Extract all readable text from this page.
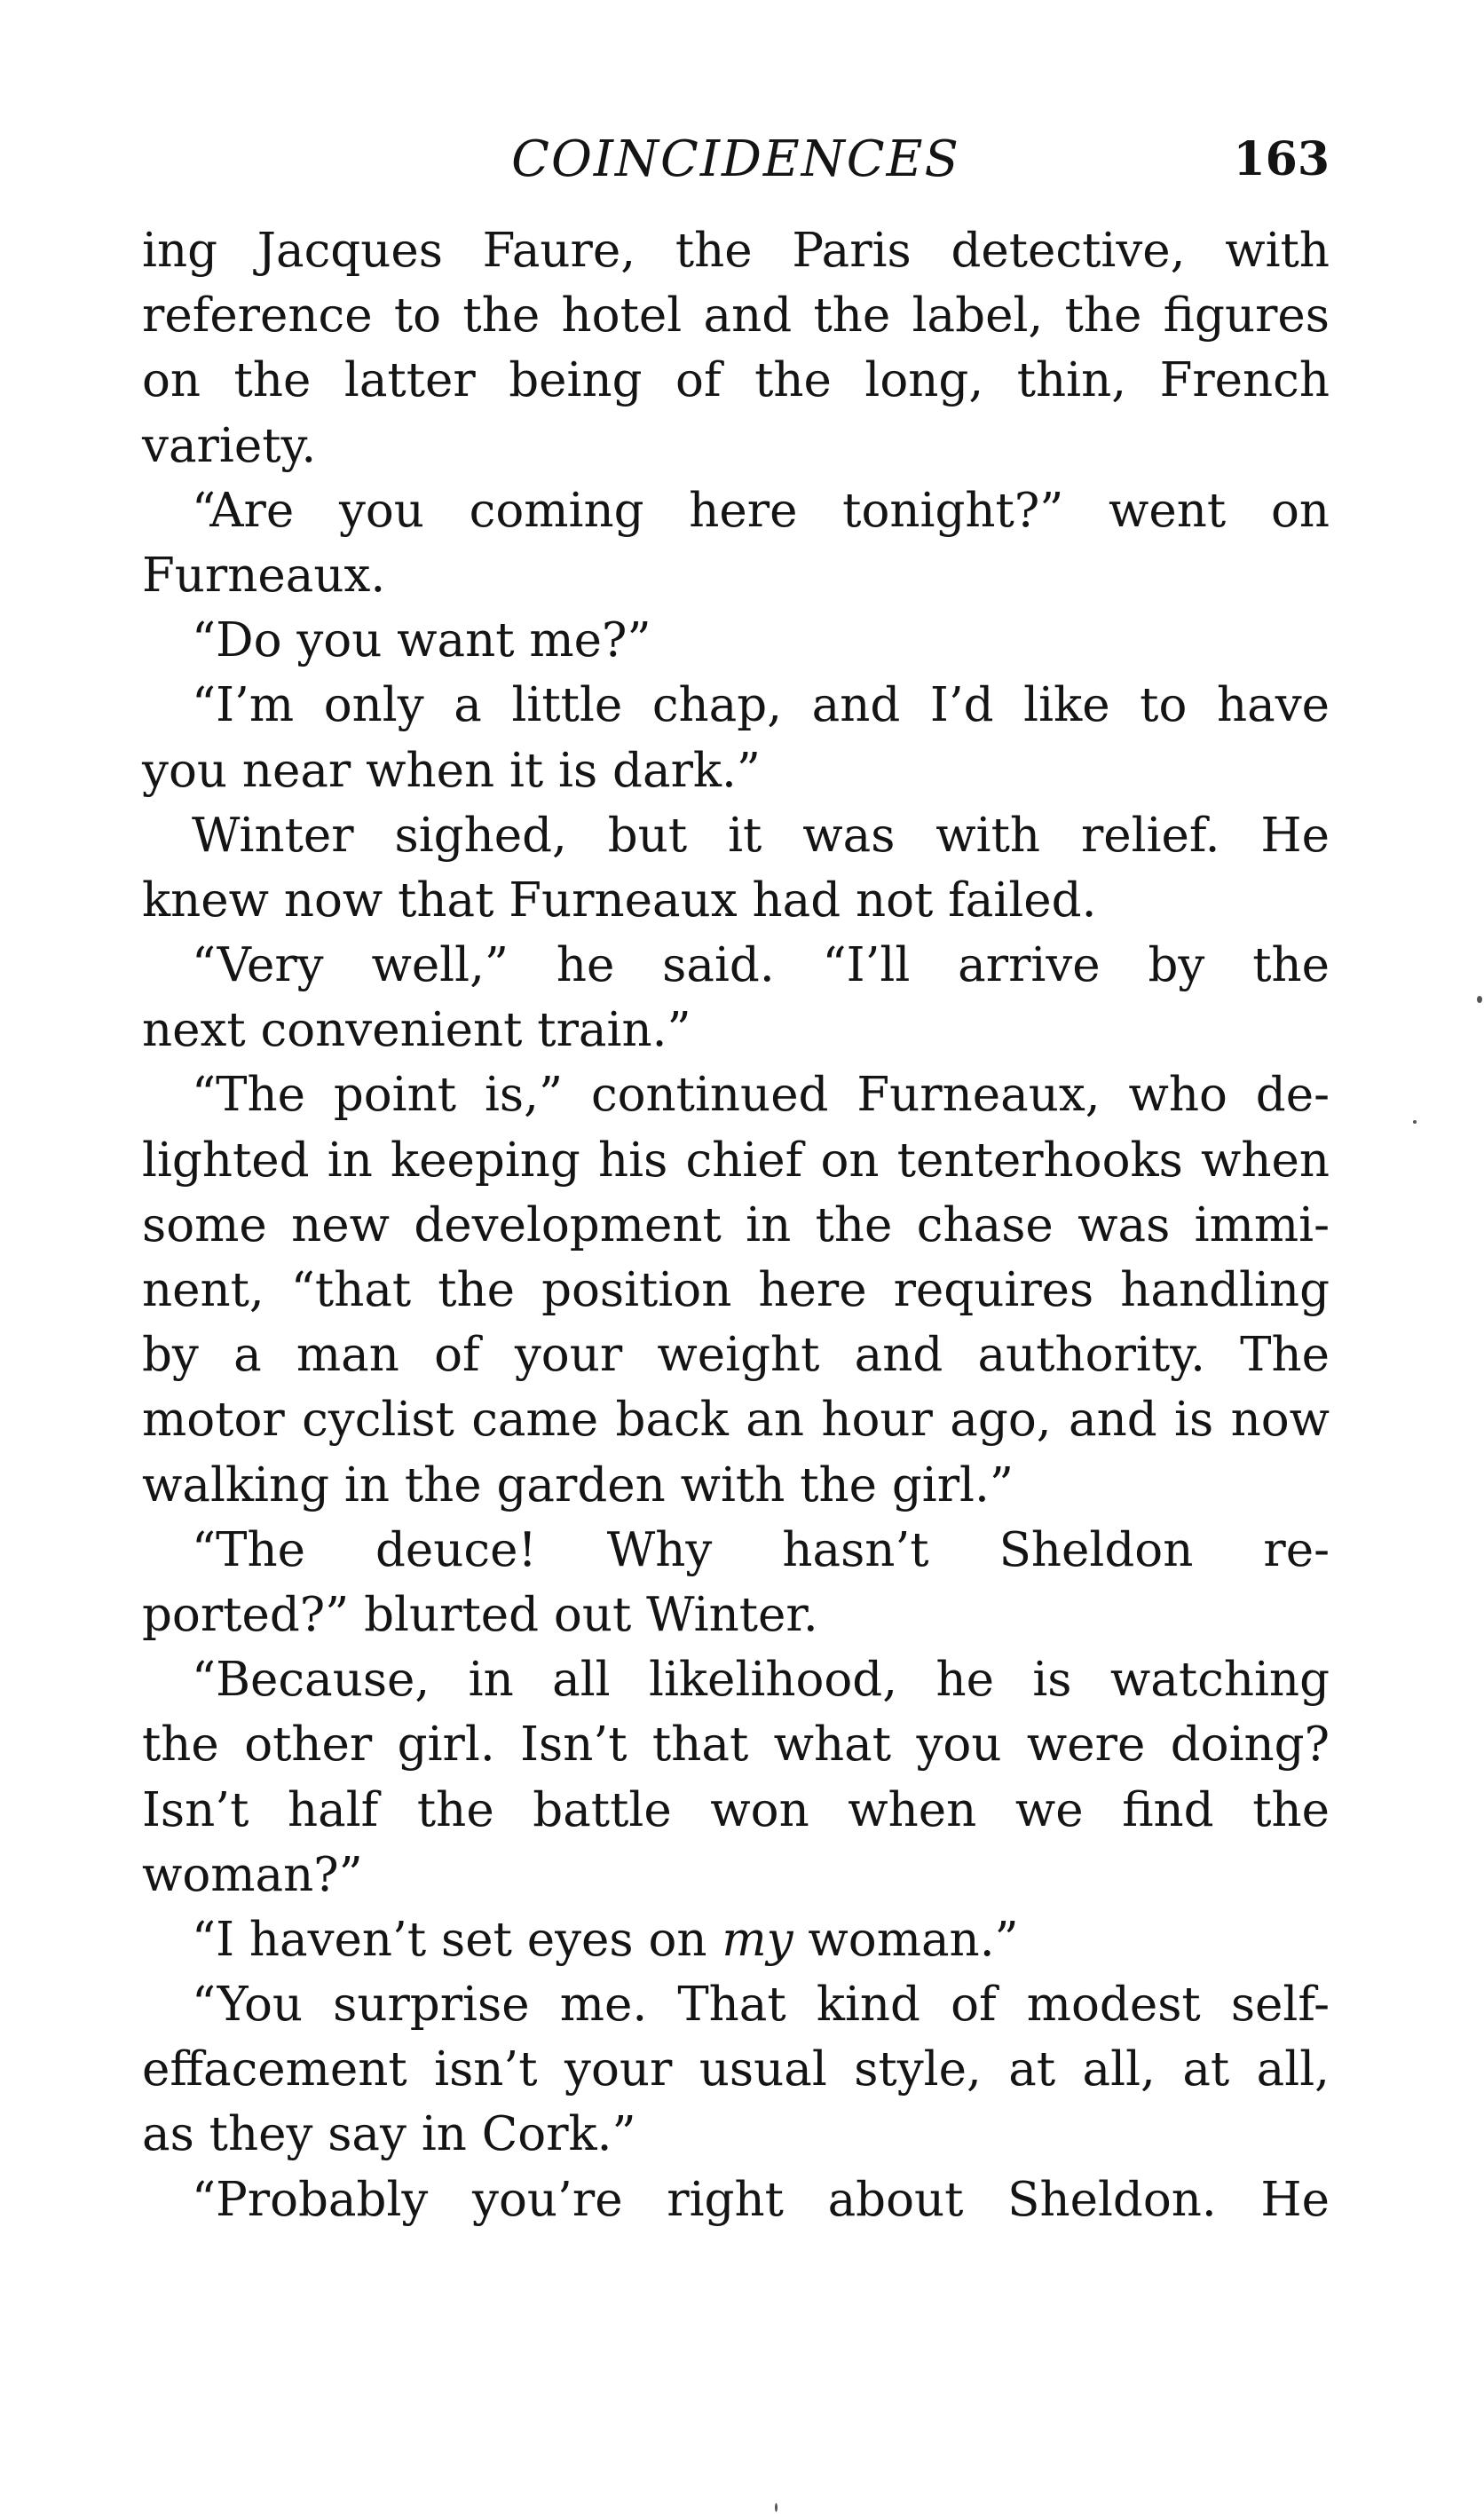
COINCIDENCES	163
ing Jacques Faure, the Paris detective, with
reference to the hotel and the label, the figures
on the latter being of the long, thin, French
variety.
“Are you coming here tonight?” went on
Furneaux.
“Do you want me?”
“I’m only a little chap, and I’d like to have
you near when it is dark.”
Winter sighed, but it was with relief. He
knew now that Furneaux had not failed.
“Very well,” he said. “I’ll arrive by the
next convenient train.”
“The point is,” continued Furneaux, who de-
lighted in keeping his chief on tenterhooks when
some new development in the chase was immi-
nent, “that the position here requires handling
by a man of your weight and authority. The
motor cyclist came back an hour ago, and is now
walking in the garden with the girl.”
“The deuce! Why hasn’t Sheldon re-
ported?” blurted out Winter.
“Because, in all likelihood, he is watching
the other girl. Isn’t that what you were doing?
Isn’t half the battle won when we find the
woman?”
“I haven’t set eyes on my woman.”
“You surprise me. That kind of modest self-
effacement isn’t your usual style, at all, at all,
as they say in Cork.”
“Probably you’re right about Sheldon. He
